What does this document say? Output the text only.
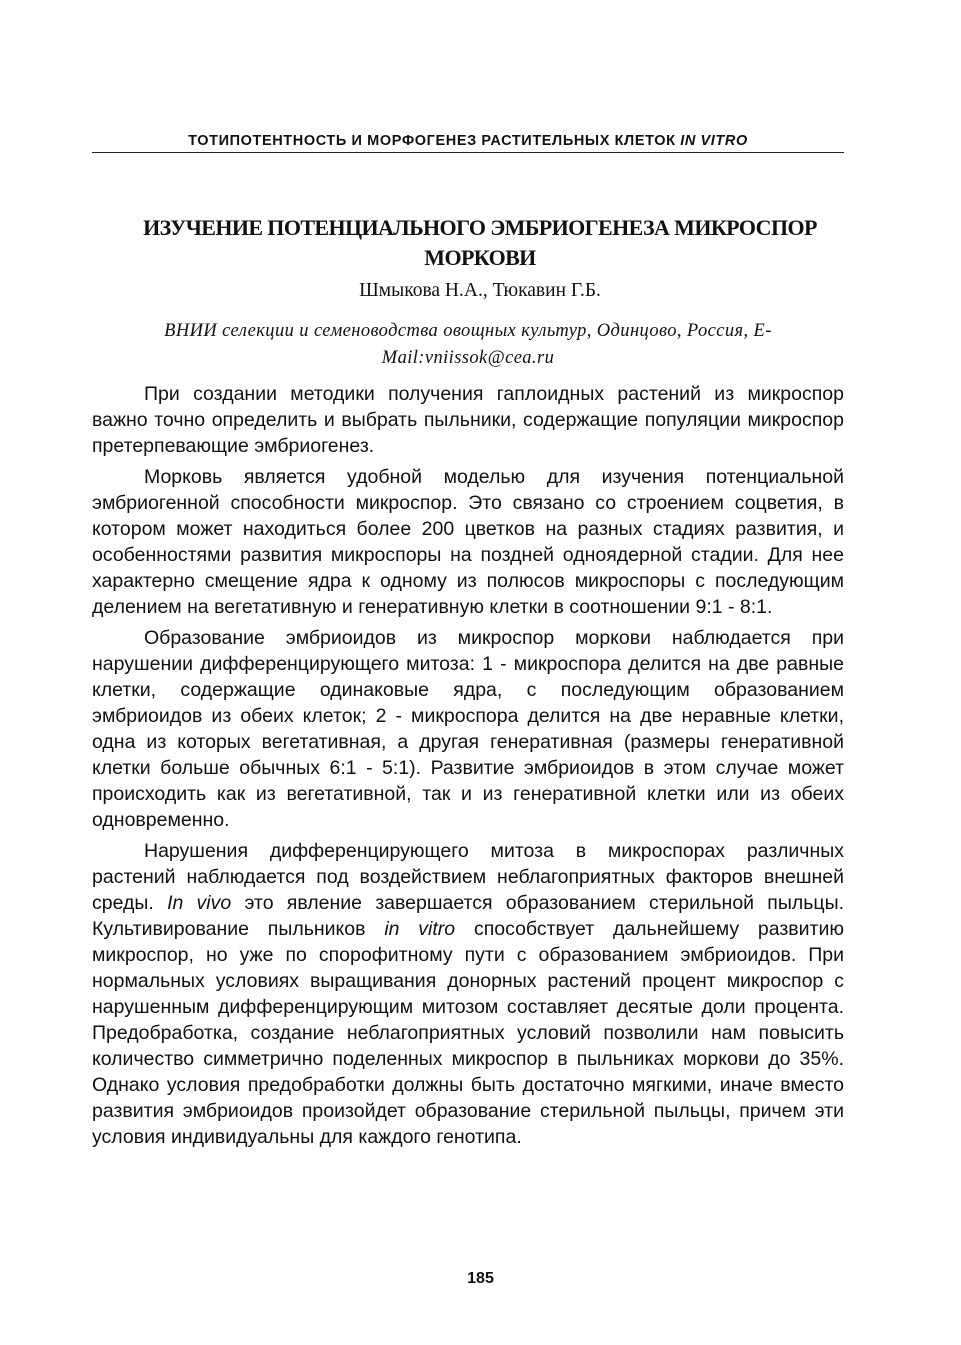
ТОТИПОТЕНТНОСТЬ И МОРФОГЕНЕЗ РАСТИТЕЛЬНЫХ КЛЕТОК IN VITRO
ИЗУЧЕНИЕ ПОТЕНЦИАЛЬНОГО ЭМБРИОГЕНЕЗА МИКРОСПОР МОРКОВИ
Шмыкова Н.А., Тюкавин Г.Б.
ВНИИ селекции и семеноводства овощных культур, Одинцово, Россия, E-Mail:vniissok@cea.ru

При создании методики получения гаплоидных растений из микроспор важно точно определить и выбрать пыльники, содержащие популяции микроспор претерпевающие эмбриогенез.

Морковь является удобной моделью для изучения потенциальной эмбриогенной способности микроспор. Это связано со строением соцветия, в котором может находиться более 200 цветков на разных стадиях развития, и особенностями развития микроспоры на поздней одноядерной стадии. Для нее характерно смещение ядра к одному из полюсов микроспоры с последующим делением на вегетативную и генеративную клетки в соотношении 9:1 - 8:1.

Образование эмбриоидов из микроспор моркови наблюдается при нарушении дифференцирующего митоза: 1 - микроспора делится на две равные клетки, содержащие одинаковые ядра, с последующим образованием эмбриоидов из обеих клеток; 2 - микроспора делится на две неравные клетки, одна из которых вегетативная, а другая генеративная (размеры генеративной клетки больше обычных 6:1 - 5:1). Развитие эмбриоидов в этом случае может происходить как из вегетативной, так и из генеративной клетки или из обеих одновременно.

Нарушения дифференцирующего митоза в микроспорах различных растений наблюдается под воздействием неблагоприятных факторов внешней среды. In vivo это явление завершается образованием стерильной пыльцы. Культивирование пыльников in vitro способствует дальнейшему развитию микроспор, но уже по спорофитному пути с образованием эмбриоидов. При нормальных условиях выращивания донорных растений процент микроспор с нарушенным дифференцирующим митозом составляет десятые доли процента. Предобработка, создание неблагоприятных условий позволили нам повысить количество симметрично поделенных микроспор в пыльниках моркови до 35%. Однако условия предобработки должны быть достаточно мягкими, иначе вместо развития эмбриоидов произойдет образование стерильной пыльцы, причем эти условия индивидуальны для каждого генотипа.

185
